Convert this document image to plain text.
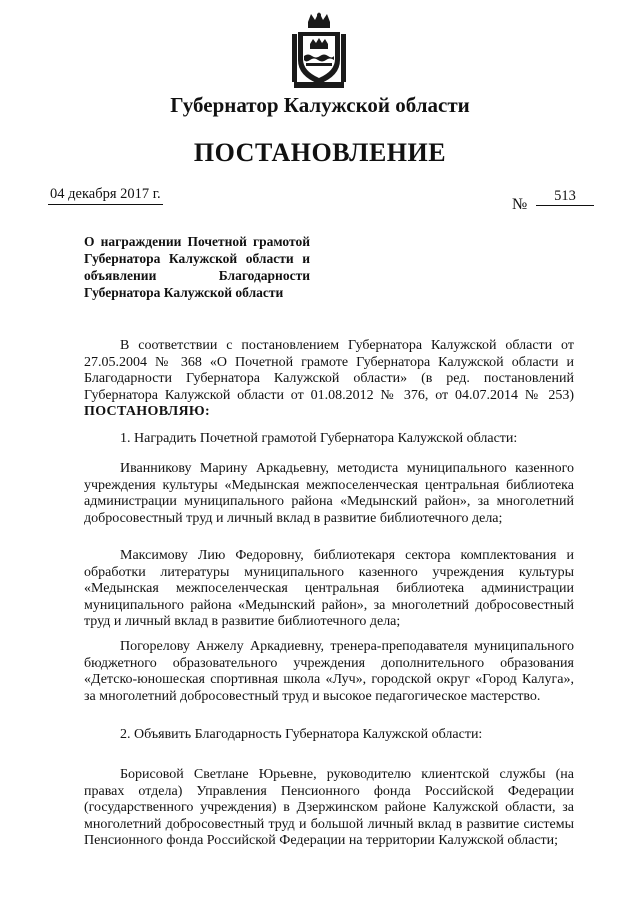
Губернатор Калужской области
ПОСТАНОВЛЕНИЕ
04 декабря 2017 г.
№	513
О награждении Почетной грамотой Губернатора Калужской области и объявлении Благодарности Губернатора Калужской области
В соответствии с постановлением Губернатора Калужской области от 27.05.2004 № 368 «О Почетной грамоте Губернатора Калужской области и Благодарности Губернатора Калужской области» (в ред. постановлений Губернатора Калужской области от 01.08.2012 № 376, от 04.07.2014 № 253) ПОСТАНОВЛЯЮ:
1. Наградить Почетной грамотой Губернатора Калужской области:
Иванникову Марину Аркадьевну, методиста муниципального казенного учреждения культуры «Медынская межпоселенческая центральная библиотека администрации муниципального района «Медынский район», за многолетний добросовестный труд и личный вклад в развитие библиотечного дела;
Максимову Лию Федоровну, библиотекаря сектора комплектования и обработки литературы муниципального казенного учреждения культуры «Медынская межпоселенческая центральная библиотека администрации муниципального района «Медынский район», за многолетний добросовестный труд и личный вклад в развитие библиотечного дела;
Погорелову Анжелу Аркадиевну, тренера-преподавателя муниципального бюджетного образовательного учреждения дополнительного образования «Детско-юношеская спортивная школа «Луч», городской округ «Город Калуга», за многолетний добросовестный труд и высокое педагогическое мастерство.
2. Объявить Благодарность Губернатора Калужской области:
Борисовой Светлане Юрьевне, руководителю клиентской службы (на правах отдела) Управления Пенсионного фонда Российской Федерации (государственного учреждения) в Дзержинском районе Калужской области, за многолетний добросовестный труд и большой личный вклад в развитие системы Пенсионного фонда Российской Федерации на территории Калужской области;
